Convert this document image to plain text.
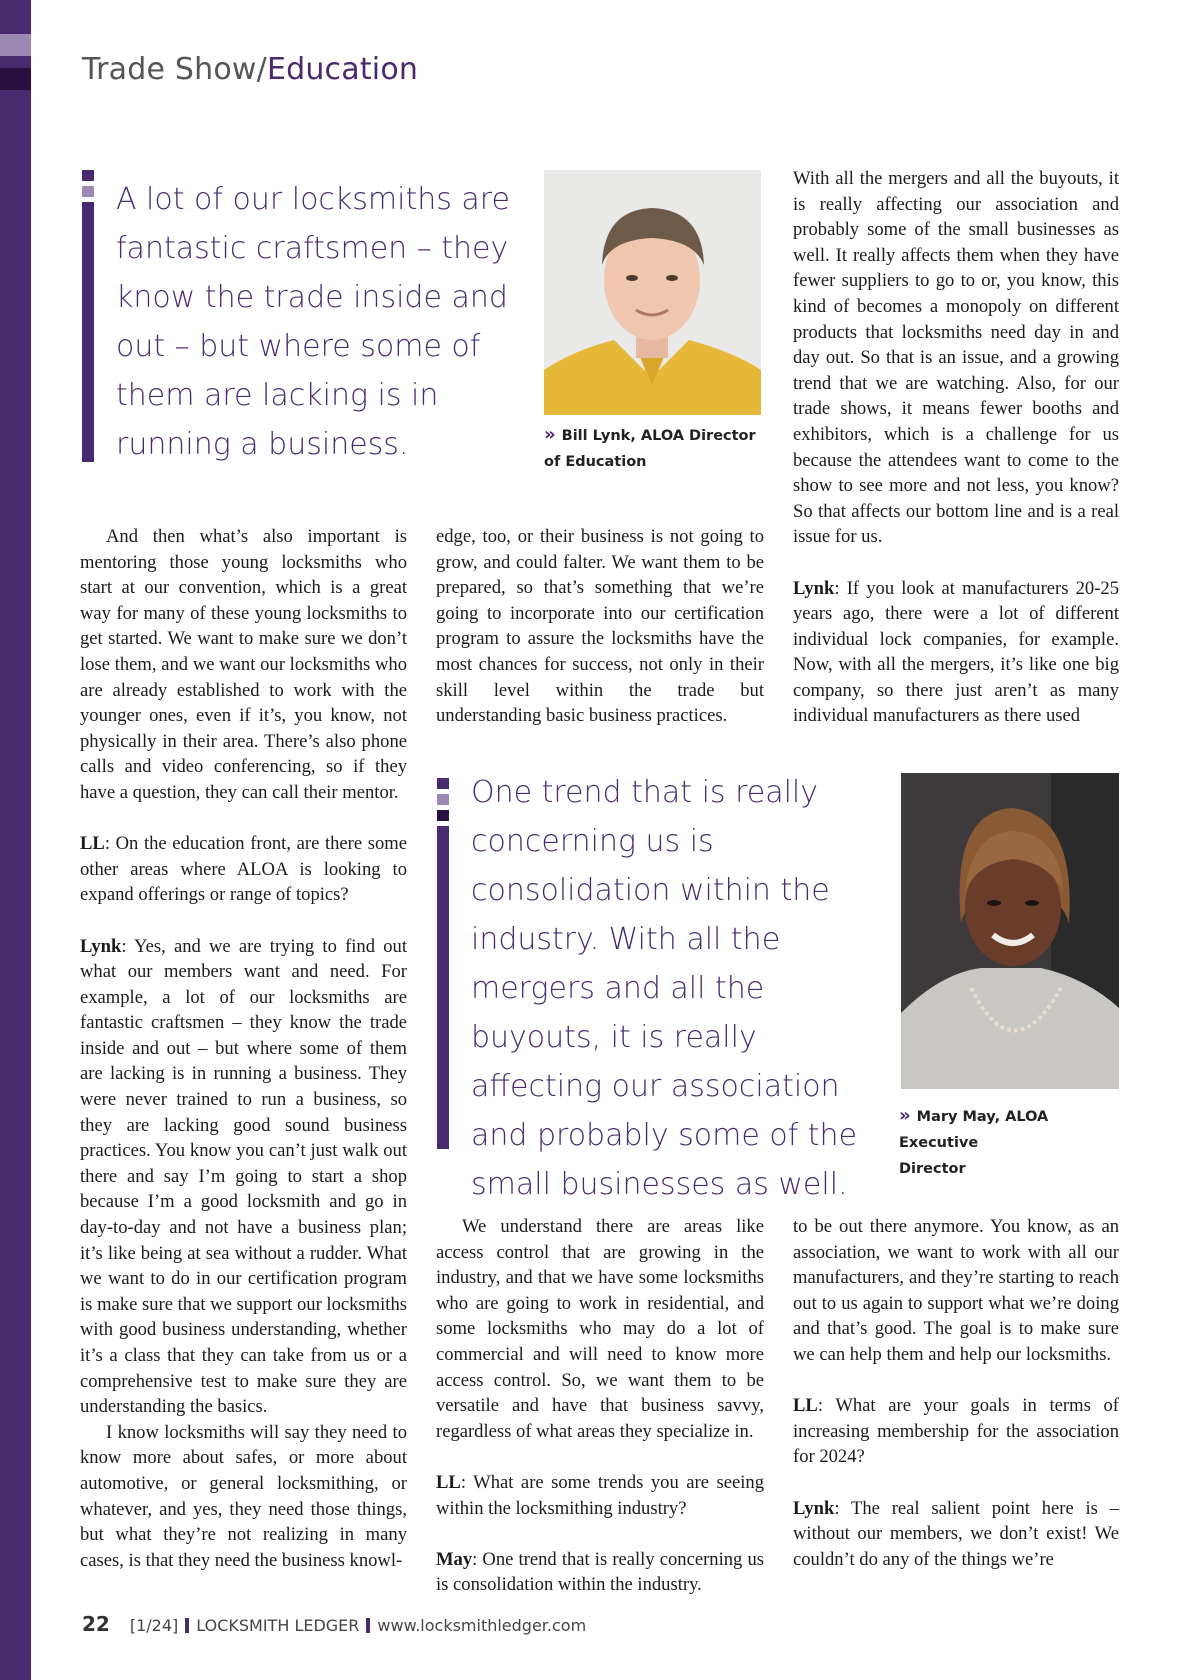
Trade Show/Education
A lot of our locksmiths are fantastic craftsmen – they know the trade inside and out – but where some of them are lacking is in running a business.	» Bill Lynk, ALOA Director
of Education

With all the mergers and all the buyouts, it is really affecting our association and probably some of the small businesses as well. It really affects them when they have fewer suppliers to go to or, you know, this kind of becomes a monopoly on different products that locksmiths need day in and day out. So that is an issue, and a growing trend that we are watching. Also, for our trade shows, it means fewer booths and exhibitors, which is a challenge for us because the attendees want to come to the show to see more and not less, you know? So that affects our bottom line and is a real issue for us.

Lynk: If you look at manufacturers 20-25 years ago, there were a lot of different individual lock companies, for example. Now, with all the mergers, it’s like one big company, so there just aren’t as many individual manufacturers as there used

And then what’s also important is mentoring those young locksmiths who start at our convention, which is a great way for many of these young locksmiths to get started. We want to make sure we don’t lose them, and we want our locksmiths who are already established to work with the younger ones, even if it’s, you know, not physically in their area. There’s also phone calls and video conferencing, so if they have a question, they can call their mentor.

LL: On the education front, are there some other areas where ALOA is looking to expand offerings or range of topics?

Lynk: Yes, and we are trying to find out what our members want and need. For example, a lot of our locksmiths are fantastic craftsmen – they know the trade inside and out – but where some of them are lacking is in running a business. They were never trained to run a business, so they are lacking good sound business practices. You know you can’t just walk out there and say I’m going to start a shop because I’m a good locksmith and go in day-to-day and not have a business plan; it’s like being at sea without a rudder. What we want to do in our certification program is make sure that we support our locksmiths with good business understanding, whether it’s a class that they can take from us or a comprehensive test to make sure they are understanding the basics.

I know locksmiths will say they need to know more about safes, or more about automotive, or general locksmithing, or whatever, and yes, they need those things, but what they’re not realizing in many cases, is that they need the business knowl-

edge, too, or their business is not going to grow, and could falter. We want them to be prepared, so that’s something that we’re going to incorporate into our certification program to assure the locksmiths have the most chances for success, not only in their skill level within the trade but understanding basic business practices.

One trend that is really concerning us is consolidation within the industry. With all the mergers and all the buyouts, it is really affecting our association and probably some of the small businesses as well.
» Mary May, ALOA Executive
Director

We understand there are areas like access control that are growing in the industry, and that we have some locksmiths who are going to work in residential, and some locksmiths who may do a lot of commercial and will need to know more access control. So, we want them to be versatile and have that business savvy, regardless of what areas they specialize in.

LL: What are some trends you are seeing within the locksmithing industry?

May: One trend that is really concerning us is consolidation within the industry.

to be out there anymore. You know, as an association, we want to work with all our manufacturers, and they’re starting to reach out to us again to support what we’re doing and that’s good. The goal is to make sure we can help them and help our locksmiths.

LL: What are your goals in terms of increasing membership for the association for 2024?

Lynk: The real salient point here is – without our members, we don’t exist! We couldn’t do any of the things we’re

22 [1/24] LOCKSMITH LEDGER www.locksmithledger.com
